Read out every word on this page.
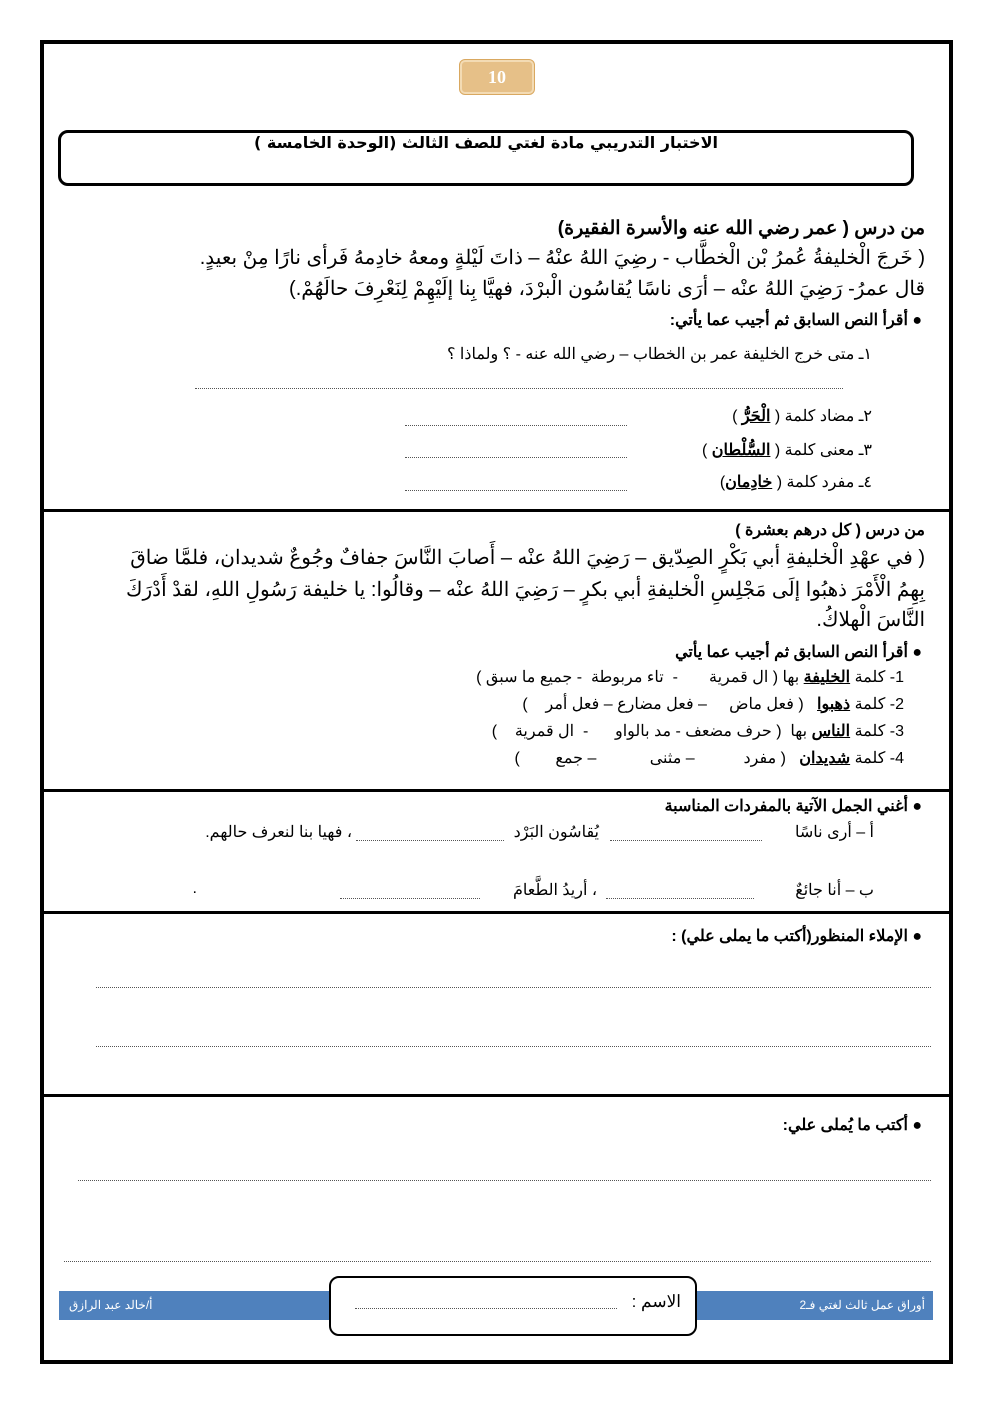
10
الاختبار التدريبي مادة لغتي للصف الثالث (الوحدة الخامسة )
من درس ( عمر رضي الله عنه والأسرة الفقيرة)
( خَرجَ الْخليفةُ عُمرُ بْن الْخطَّاب - رضِيَ اللهُ عنْهُ – ذاتَ لَيْلةٍ ومعهُ خادِمهُ فَرأى نارًا مِنْ بعيدٍ.
قال عمرُ- رَضِيَ اللهُ عنْه – أرَى ناسًا يُقاسُون الْبرْدَ، فهيَّا بِنا إلَيْهِمْ لِنَعْرِفَ حالَهُمْ.)
● أقرأ النص السابق ثم أجيب عما يأتي:
١ـ متى خرج الخليفة عمر بن الخطاب – رضي الله عنه - ؟ ولماذا ؟
٢ـ مضاد كلمة ( الْحَرُّ )
٣ـ معنى كلمة ( السُّلْطان )
٤ـ مفرد كلمة ( خادِمان)
من درس ( كل درهم بعشرة )
( في عهْدِ الْخليفةِ أبي بَكْرٍ الصِدّيق – رَضِيَ اللهُ عنْه – أَصابَ النَّاسَ جفافٌ وجُوعٌ شديدان، فلمَّا ضاقَ
بِهِمُ الْأَمْرَ ذهبُوا إلَى مَجْلِسِ الْخليفةِ أبي بكرٍ – رَضِيَ اللهُ عنْه – وقالُوا: يا خليفة رَسُولِ اللهِ، لقدْ أَدْرَكَ
النَّاسَ الْهلاكُ.
● أقرأ النص السابق ثم أجيب عما يأتي
1- كلمة الخليفة بها ( ال قمرية       -  تاء مربوطة  - جميع ما سبق )
2- كلمة ذهبوا   ( فعل ماض     – فعل مضارع – فعل أمر    )
3- كلمة الناس بها  ( حرف مضعف - مد بالواو      -  ال قمرية    )
4- كلمة شديدان   ( مفرد           – مثنى            – جمع        )
● أغني الجمل الآتية بالمفردات المناسبة
أ – أرى ناسًا
يُقاسُون البَرْد
، فهيا بنا لنعرف حالهم.
ب – أنا جائعٌ
، أريدُ الطَّعامَ
.
● الإملاء المنظور(أكتب ما يملى علي) :
● أكتب ما يُملى علي:
أ/خالد عبد الرازق	أوراق عمل ثالث لغتي فـ2
الاسم :
